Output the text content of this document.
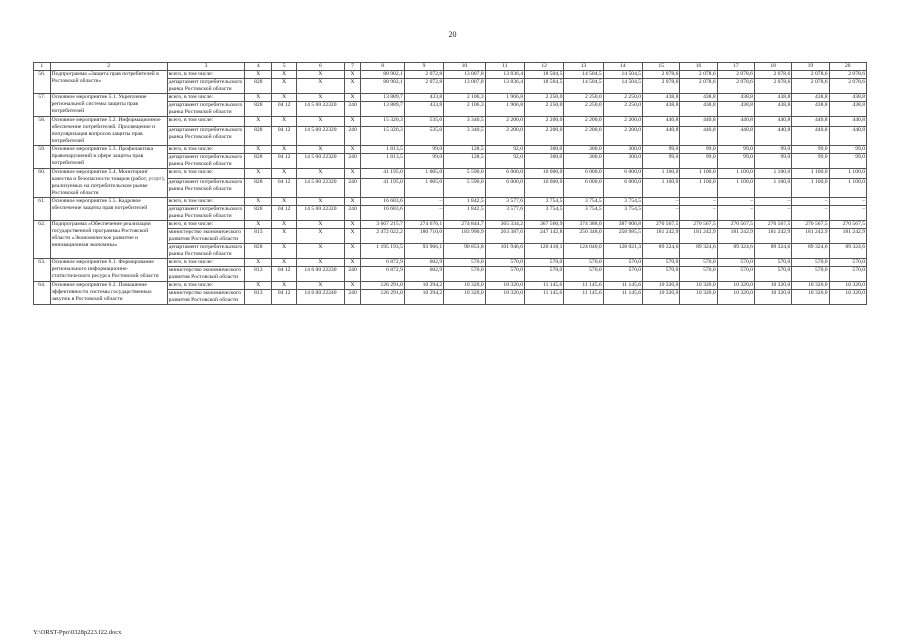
20
1	2	3	4	5	6	7	8	9	10	11	12	13	14	15	16	17	18	19	20
56.	Подпрограмма «Защита прав потребителей в Ростовской области»	всего, в том числе:	X	X	X	X	88 902,1	2 072,8	13 007,8	13 836,4	18 504,5	14 504,5	14 504,5	2 078,6	2 078,6	2 078,6	2 078,6	2 078,6	2 078,6
		департамент потребительского рынка Ростовской области	828	X	X	X	88 902,1	2 072,8	13 007,8	13 836,4	18 504,5	14 504,5	14 504,5	2 078,6	2 078,6	2 078,6	2 078,6	2 078,6	2 078,6
57.	Основное мероприятие 5.1. Укрепление региональной системы защиты прав потребителей	всего, в том числе:	X	X	X	X	13 889,7	433,8	2 106,3	1 966,8	2 250,0	2 250,0	2 250,0	438,8	438,8	438,8	438,8	438,8	438,8
		департамент потребительского рынка Ростовской области	828	04 12	14 5 00 22320	240	13 889,7	433,8	2 106,3	1 966,8	2 250,0	2 250,0	2 250,0	438,8	438,8	438,8	438,8	438,8	438,8
58.	Основное мероприятие 5.2. Информационное обеспечение потребителей. Просвещение и популяризация вопросов защиты прав потребителей	всего, в том числе:	X	X	X	X	15 320,3	535,0	3 340,5	2 200,0	2 200,0	2 200,0	2 200,0	440,8	440,8	440,8	440,8	440,8	440,8
		департамент потребительского рынка Ростовской области	828	04 12	14 5 00 22320	240	15 320,3	535,0	3 340,5	2 200,0	2 200,0	2 200,0	2 200,0	440,8	440,8	440,8	440,8	440,8	440,8
59.	Основное мероприятие 5.3. Профилактика правонарушений в сфере защиты прав потребителей	всего, в том числе:	X	X	X	X	1 813,5	99,0	128,5	92,0	300,0	300,0	300,0	99,0	99,0	99,0	99,0	99,0	99,0
		департамент потребительского рынка Ростовской области	828	04 12	14 5 00 22320	240	1 813,5	99,0	128,5	92,0	300,0	300,0	300,0	99,0	99,0	99,0	99,0	99,0	99,0
60.	Основное мероприятие 5.4. Мониторинг качества и безопасности товаров (работ, услуг), реализуемых на потребительском рынке Ростовской области	всего, в том числе:	X	X	X	X	41 195,0	1 005,0	5 590,0	6 000,0	10 000,0	6 000,0	6 000,0	1 100,0	1 100,0	1 100,0	1 100,0	1 100,0	1 100,0
		департамент потребительского рынка Ростовской области	828	04 12	14 5 00 22320	240	41 195,0	1 005,0	5 590,0	6 000,0	10 000,0	6 000,0	6 000,0	1 100,0	1 100,0	1 100,0	1 100,0	1 100,0	1 100,0
61.	Основное мероприятие 5.5. Кадровое обеспечение защиты прав потребителей	всего, в том числе:	X	X	X	X	16 683,6	–	1 842,5	3 577,6	3 754,5	3 754,5	3 754,5	–	–	–	–	–	–
		департамент потребительского рынка Ростовской области	828	04 12	14 5 00 22320	240	16 683,6	–	1 842,5	3 577,6	3 754,5	3 754,5	3 754,5	–	–	–	–	–	–
62.	Подпрограмма «Обеспечение реализации государственной программы Ростовской области «Экономическое развитие и инновационная экономика»	всего, в том числе:	X	X	X	X	3 667 215,7	274 676,1	274 844,7	365 334,2	367 560,9	374 388,0	387 006,8	270 567,5	270 567,5	270 567,5	270 567,5	270 567,5	270 567,5
		министерство экономического развития Ростовской области	813	X	X	X	2 472 022,2	180 710,0	183 990,9	263 387,6	247 142,8	250 348,0	258 985,5	181 242,9	181 242,9	181 242,9	181 242,9	181 242,9	181 242,9
		департамент потребительского рынка Ростовской области	828	X	X	X	1 195 193,5	93 966,1	90 853,8	101 946,6	120 418,1	124 040,0	128 021,3	89 324,6	89 324,6	89 324,6	89 324,6	89 324,6	89 324,6
63.	Основное мероприятие 6.1. Формирование регионального информационно-статистического ресурса Ростовской области	всего, в том числе:	X	X	X	X	6 872,9	602,9	570,0	570,0	570,0	570,0	570,0	570,0	570,0	570,0	570,0	570,0	570,0
		министерство экономического развития Ростовской области	813	04 12	14 6 00 22230	240	6 872,9	602,9	570,0	570,0	570,0	570,0	570,0	570,0	570,0	570,0	570,0	570,0	570,0
64.	Основное мероприятие 6.2. Повышение эффективности системы государственных закупок в Ростовской области	всего, в том числе:	X	X	X	X	126 291,0	10 294,2	10 320,0	10 320,0	11 145,6	11 145,6	11 145,6	10 320,0	10 320,0	10 320,0	10 320,0	10 320,0	10 320,0
		министерство экономического развития Ростовской области	813	04 12	14 6 00 22240	240	126 291,0	10 294,2	10 320,0	10 320,0	11 145,6	11 145,6	11 145,6	10 320,0	10 320,0	10 320,0	10 320,0	10 320,0	10 320,0
Y:\ORST-Ppo\0328p223.f22.docx
